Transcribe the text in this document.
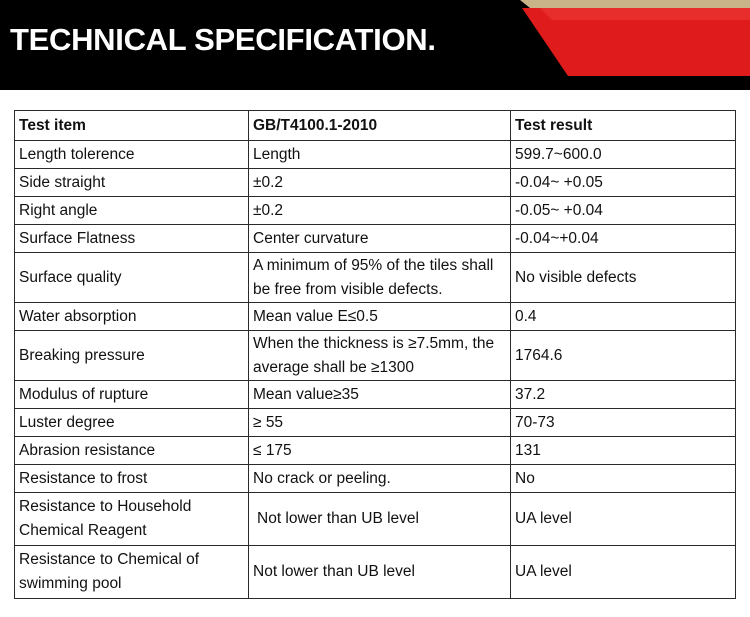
TECHNICAL SPECIFICATION.
Test item	GB/T4100.1-2010	Test result
Length tolerence	Length	599.7~600.0
Side straight	±0.2	-0.04~ +0.05
Right angle	±0.2	-0.05~ +0.04
Surface Flatness	Center curvature	-0.04~+0.04
Surface quality	A minimum of 95% of the tiles shall be free from visible defects.	No visible defects
Water absorption	Mean value E≤0.5	0.4
Breaking pressure	When the thickness is ≥7.5mm, the average shall be ≥1300	1764.6
Modulus of rupture	Mean value≥35	37.2
Luster degree	≥ 55	70-73
Abrasion resistance	≤ 175	131
Resistance to frost	No crack or peeling.	No
Resistance to Household Chemical Reagent	Not lower than UB level	UA level
Resistance to Chemical of swimming pool	Not lower than UB level	UA level
